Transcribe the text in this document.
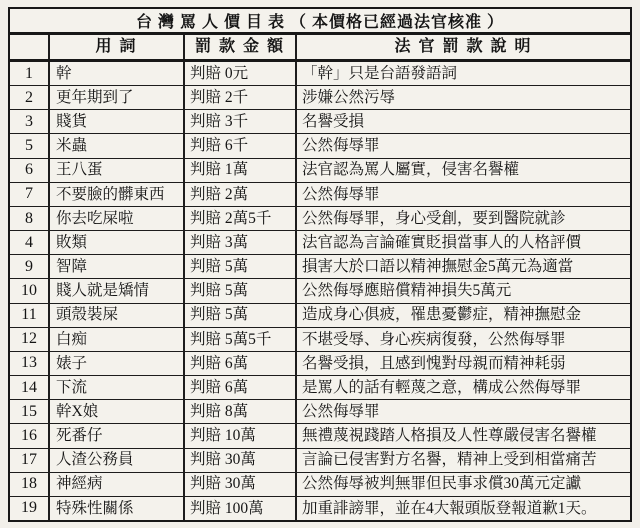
台 灣 罵 人 價 目 表 （ 本價格已經過法官核准 ）
用 詞	罰 款 金 額	法 官 罰 款 說 明
1	幹	判賠 0元	「幹」只是台語發語詞
2	更年期到了	判賠 2千	涉嫌公然污辱
3	賤貨	判賠 3千	名譽受損
5	米蟲	判賠 6千	公然侮辱罪
6	王八蛋	判賠 1萬	法官認為罵人屬實，侵害名譽權
7	不要臉的髒東西	判賠 2萬	公然侮辱罪
8	你去吃屎啦	判賠 2萬5千	公然侮辱罪，身心受創，要到醫院就診
4	敗類	判賠 3萬	法官認為言論確實貶損當事人的人格評價
9	智障	判賠 5萬	損害大於口語以精神撫慰金5萬元為適當
10	賤人就是矯情	判賠 5萬	公然侮辱應賠償精神損失5萬元
11	頭殼裝屎	判賠 5萬	造成身心俱疲，罹患憂鬱症，精神撫慰金
12	白痴	判賠 5萬5千	不堪受辱、身心疾病復發，公然侮辱罪
13	婊子	判賠 6萬	名譽受損，且感到愧對母親而精神耗弱
14	下流	判賠 6萬	是罵人的話有輕蔑之意，構成公然侮辱罪
15	幹X娘	判賠 8萬	公然侮辱罪
16	死番仔	判賠 10萬	無禮蔑視踐踏人格損及人性尊嚴侵害名譽權
17	人渣公務員	判賠 30萬	言論已侵害對方名譽，精神上受到相當痛苦
18	神經病	判賠 30萬	公然侮辱被判無罪但民事求償30萬元定讞
19	特殊性關係	判賠 100萬	加重誹謗罪，並在4大報頭版登報道歉1天。
